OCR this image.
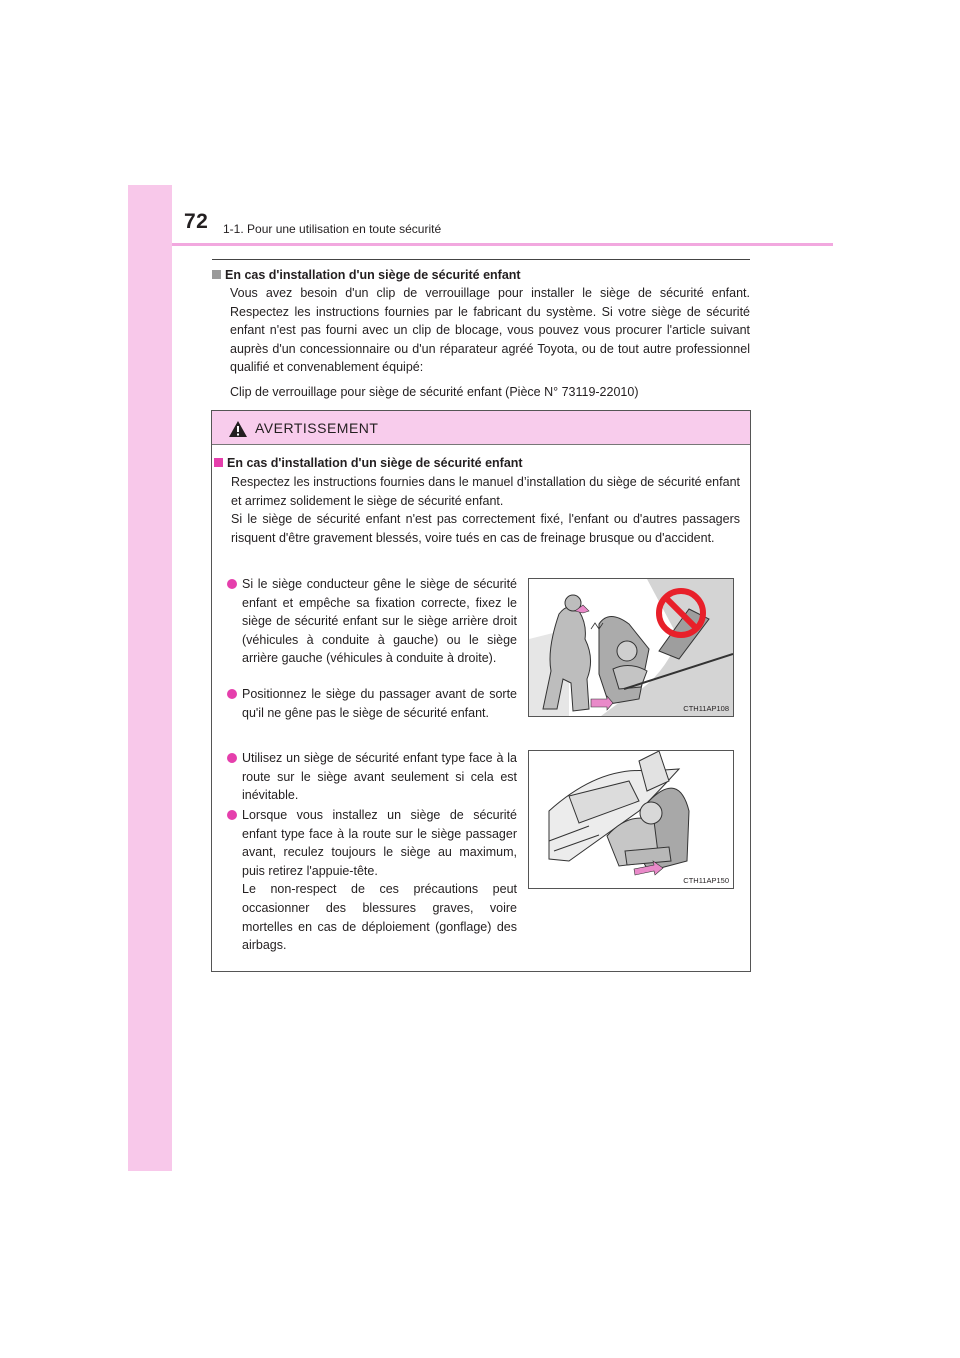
72 1-1. Pour une utilisation en toute sécurité
En cas d'installation d'un siège de sécurité enfant
Vous avez besoin d'un clip de verrouillage pour installer le siège de sécurité enfant. Respectez les instructions fournies par le fabricant du système. Si votre siège de sécurité enfant n'est pas fourni avec un clip de blocage, vous pouvez vous procurer l'article suivant auprès d'un concessionnaire ou d'un réparateur agréé Toyota, ou de tout autre professionnel qualifié et convenablement équipé:
Clip de verrouillage pour siège de sécurité enfant (Pièce N° 73119-22010)
AVERTISSEMENT
En cas d'installation d'un siège de sécurité enfant
Respectez les instructions fournies dans le manuel d’installation du siège de sécurité enfant et arrimez solidement le siège de sécurité enfant.
Si le siège de sécurité enfant n'est pas correctement fixé, l'enfant ou d'autres passagers risquent d'être gravement blessés, voire tués en cas de freinage brusque ou d'accident.
Si le siège conducteur gêne le siège de sécurité enfant et empêche sa fixation correcte, fixez le siège de sécurité enfant sur le siège arrière droit (véhicules à conduite à gauche) ou le siège arrière gauche (véhicules à conduite à droite).
Positionnez le siège du passager avant de sorte qu'il ne gêne pas le siège de sécurité enfant.
Utilisez un siège de sécurité enfant type face à la route sur le siège avant seulement si cela est inévitable.
Lorsque vous installez un siège de sécurité enfant type face à la route sur le siège passager avant, reculez toujours le siège au maximum, puis retirez l'appuie-tête.
Le non-respect de ces précautions peut occasionner des blessures graves, voire mortelles en cas de déploiement (gonflage) des airbags.
CTH11AP108
CTH11AP150
